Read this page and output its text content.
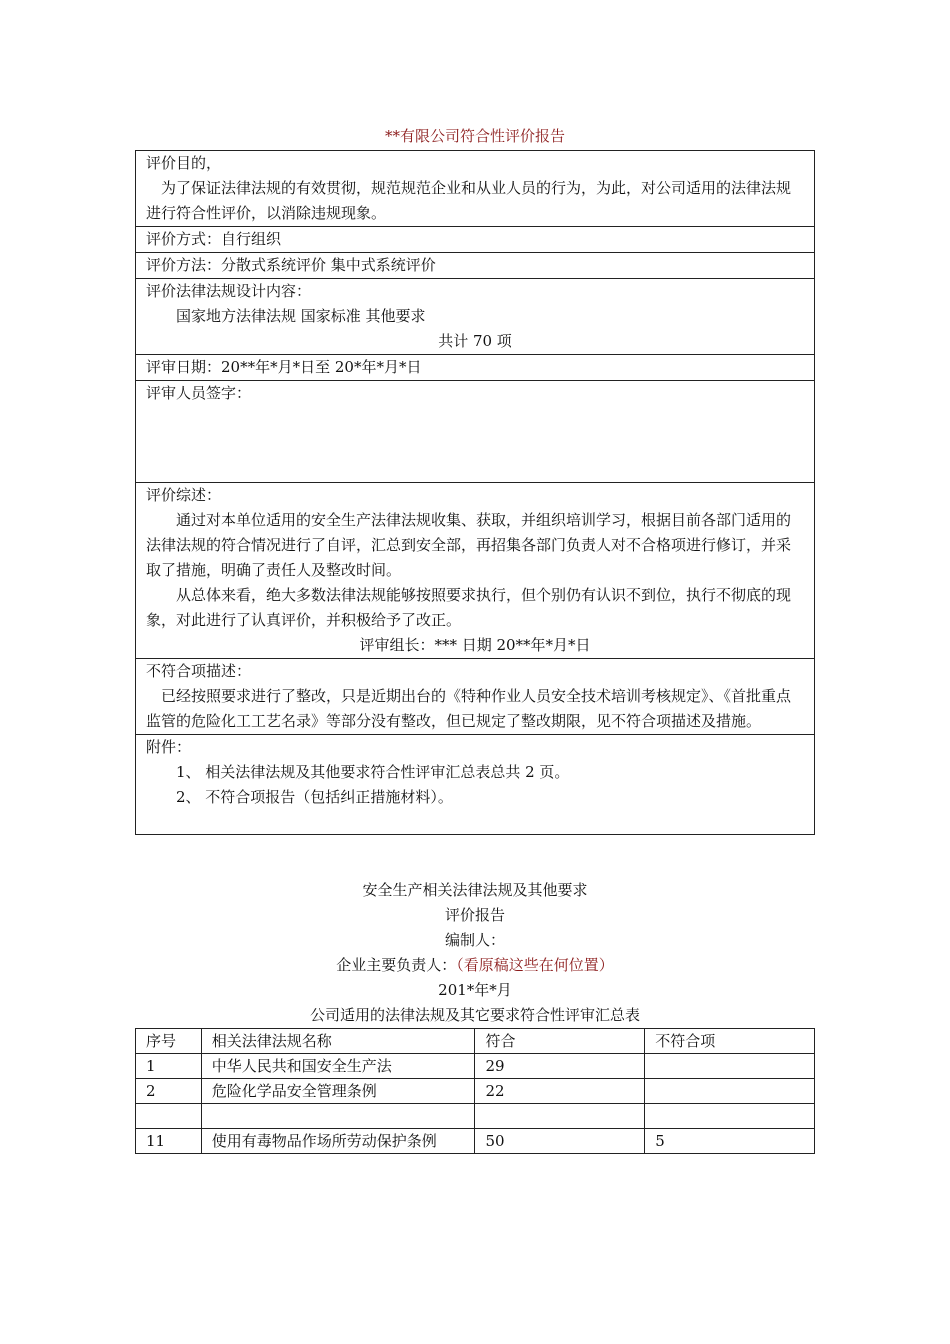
**有限公司符合性评价报告
评价目的，
为了保证法律法规的有效贯彻，规范规范企业和从业人员的行为，为此，对公司适用的法律法规进行符合性评价，以消除违规现象。
评价方式：自行组织
评价方法：分散式系统评价 集中式系统评价
评价法律法规设计内容：
国家地方法律法规 国家标准 其他要求
共计 70 项
评审日期：20**年*月*日至 20*年*月*日
评审人员签字：
评价综述：
通过对本单位适用的安全生产法律法规收集、获取，并组织培训学习，根据目前各部门适用的法律法规的符合情况进行了自评，汇总到安全部，再招集各部门负责人对不合格项进行修订，并采取了措施，明确了责任人及整改时间。
从总体来看，绝大多数法律法规能够按照要求执行，但个别仍有认识不到位，执行不彻底的现象，对此进行了认真评价，并积极给予了改正。
评审组长：*** 日期 20**年*月*日
不符合项描述：
已经按照要求进行了整改，只是近期出台的《特种作业人员安全技术培训考核规定》、《首批重点监管的危险化工工艺名录》等部分没有整改，但已规定了整改期限，见不符合项描述及措施。
附件：
1、 相关法律法规及其他要求符合性评审汇总表总共 2 页。
2、 不符合项报告（包括纠正措施材料）。
安全生产相关法律法规及其他要求
评价报告
编制人：
企业主要负责人：（看原稿这些在何位置）
201*年*月
公司适用的法律法规及其它要求符合性评审汇总表
序号	相关法律法规名称	符合	不符合项
1	中华人民共和国安全生产法	29	
2	危险化学品安全管理条例	22	

11	使用有毒物品作场所劳动保护条例	50	5
